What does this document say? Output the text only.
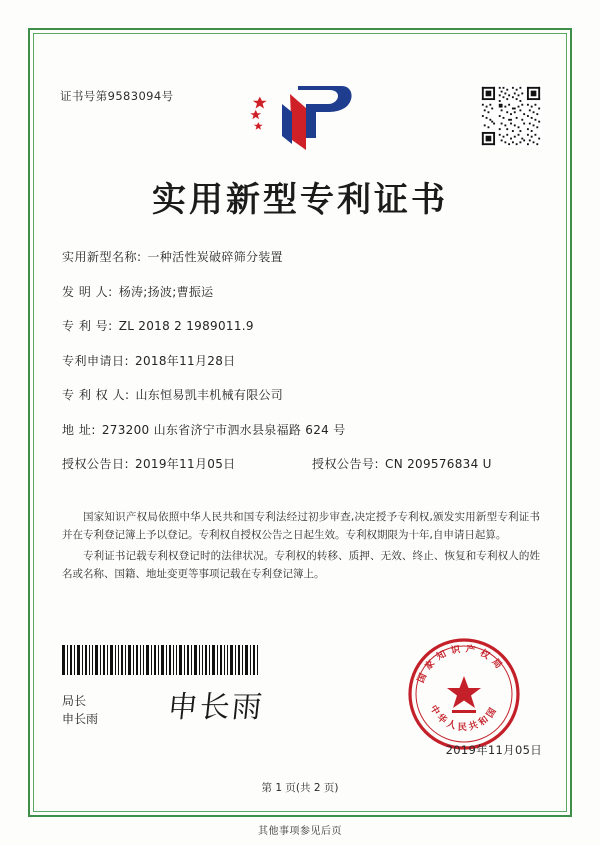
证书号第9583094号
实用新型专利证书
实用新型名称: 一种活性炭破碎筛分装置
发 明 人: 杨涛;扬波;曹振运
专 利 号: ZL 2018 2 1989011.9
专利申请日: 2018年11月28日
专 利 权 人: 山东恒易凯丰机械有限公司
地 址: 273200 山东省济宁市泗水县泉福路 624 号
授权公告日: 2019年11月05日	授权公告号: CN 209576834 U

国家知识产权局依照中华人民共和国专利法经过初步审查,决定授予专利权,颁发实用新型专利证书并在专利登记簿上予以登记。专利权自授权公告之日起生效。专利权期限为十年,自申请日起算。

专利证书记载专利权登记时的法律状况。专利权的转移、质押、无效、终止、恢复和专利权人的姓名或名称、国籍、地址变更等事项记载在专利登记簿上。

局长
申长雨 申长雨
国家知识产权局
中华人民共和国
2019年11月05日
第 1 页(共 2 页)
其他事项参见后页
